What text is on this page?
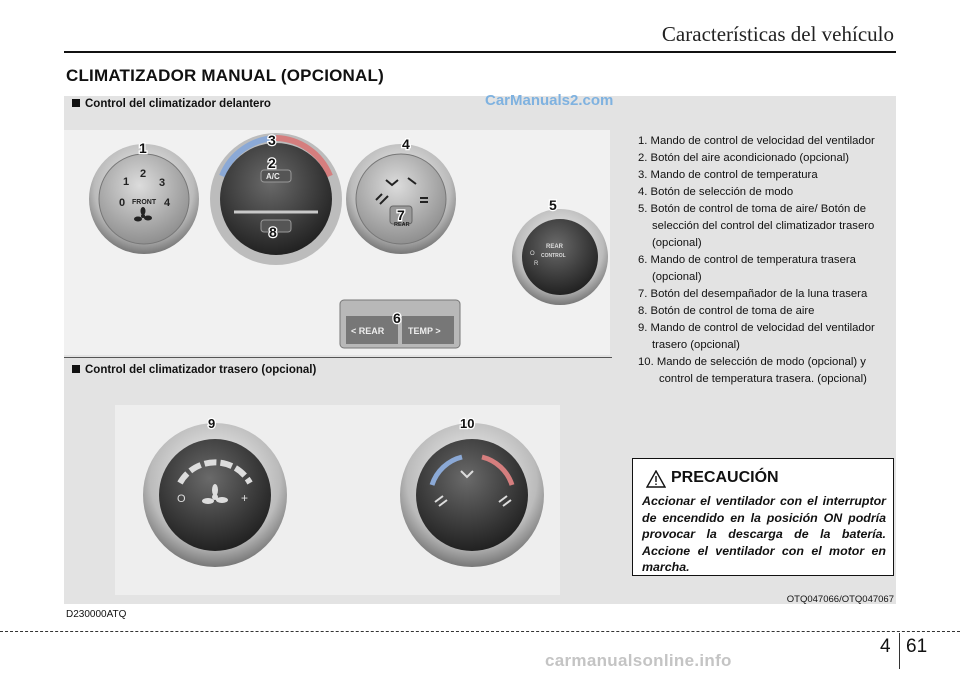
Características del vehículo
CLIMATIZADOR MANUAL (OPCIONAL)
Control del climatizador delantero	CarManuals2.com
0
1
2
3
4
FRONT
1
A/C
2
3
8	REAR
7
4
REAR
CONTROL
O
R
5
< REAR	TEMP >
6
Control del climatizador trasero (opcional)
O	+
9	10
1. Mando de control de velocidad del ventilador
2. Botón del aire acondicionado (opcional)
3. Mando de control de temperatura
4. Botón de selección de modo
5. Botón de control de toma de aire/ Botón de selección del control del climatizador trasero (opcional)
6. Mando de control de temperatura trasera (opcional)
7. Botón del desempañador de la luna trasera
8. Botón de control de toma de aire
9. Mando de control de velocidad del ventilador trasero (opcional)
10. Mando de selección de modo (opcional) y control de temperatura trasera. (opcional)
PRECAUCIÓN
Accionar el ventilador con el interruptor de encendido en la posición ON podría provocar la descarga de la batería. Accione el ventilador con el motor en marcha.
OTQ047066/OTQ047067
D230000ATQ
4 61
carmanualsonline.info
